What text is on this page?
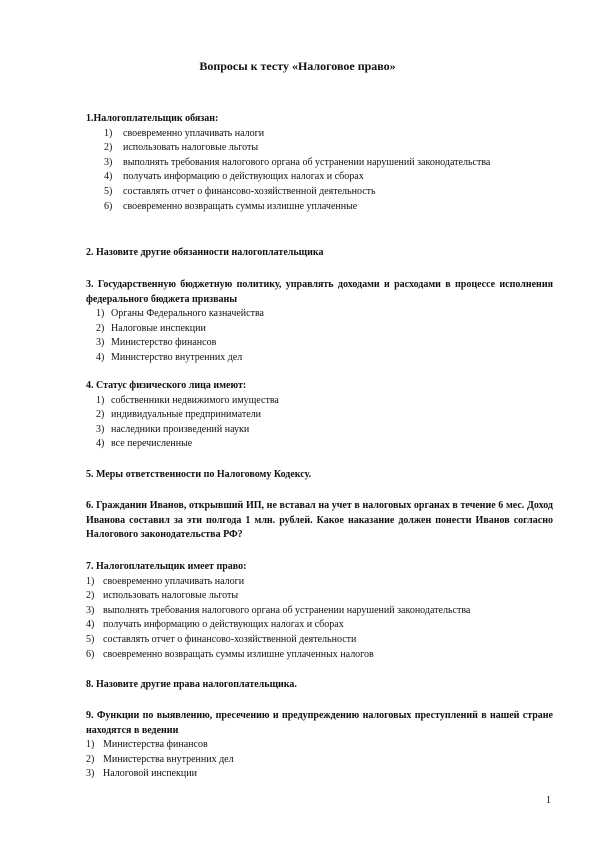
Вопросы к тесту «Налоговое право»
1.Налогоплательщик обязан:
1)	своевременно уплачивать налоги
2)	использовать налоговые льготы
3)	выполнять требования налогового органа об устранении нарушений законодательства
4)	получать информацию о действующих налогах и сборах
5)	составлять отчет о финансово-хозяйственной деятельность
6)	своевременно возвращать суммы излишне уплаченные
2. Назовите другие обязанности налогоплательщика
3. Государственную бюджетную политику, управлять доходами и расходами в процессе исполнения федерального бюджета призваны
1) Органы Федерального казначейства
2) Налоговые инспекции
3) Министерство финансов
4) Министерство внутренних дел
4. Статус физического лица имеют:
1) собственники недвижимого имущества
2) индивидуальные предприниматели
3) наследники произведений науки
4) все перечисленные
5. Меры ответственности по Налоговому Кодексу.
6. Гражданин Иванов, открывший ИП, не вставал на учет в налоговых органах в течение 6 мес. Доход Иванова составил за эти полгода 1 млн. рублей. Какое наказание должен понести Иванов согласно Налогового законодательства РФ?
7. Налогоплательщик имеет право:
1) своевременно уплачивать налоги
2) использовать налоговые льготы
3) выполнять требования налогового органа об устранении нарушений законодательства
4) получать информацию о действующих налогах и сборах
5) составлять отчет о финансово-хозяйственной деятельности
6) своевременно возвращать суммы излишне уплаченных налогов
8. Назовите другие права налогоплательщика.
9. Функции по выявлению, пресечению и предупреждению налоговых преступлений в нашей стране находятся в ведении
1) Министерства финансов
2) Министерства внутренних дел
3) Налоговой инспекции
1
